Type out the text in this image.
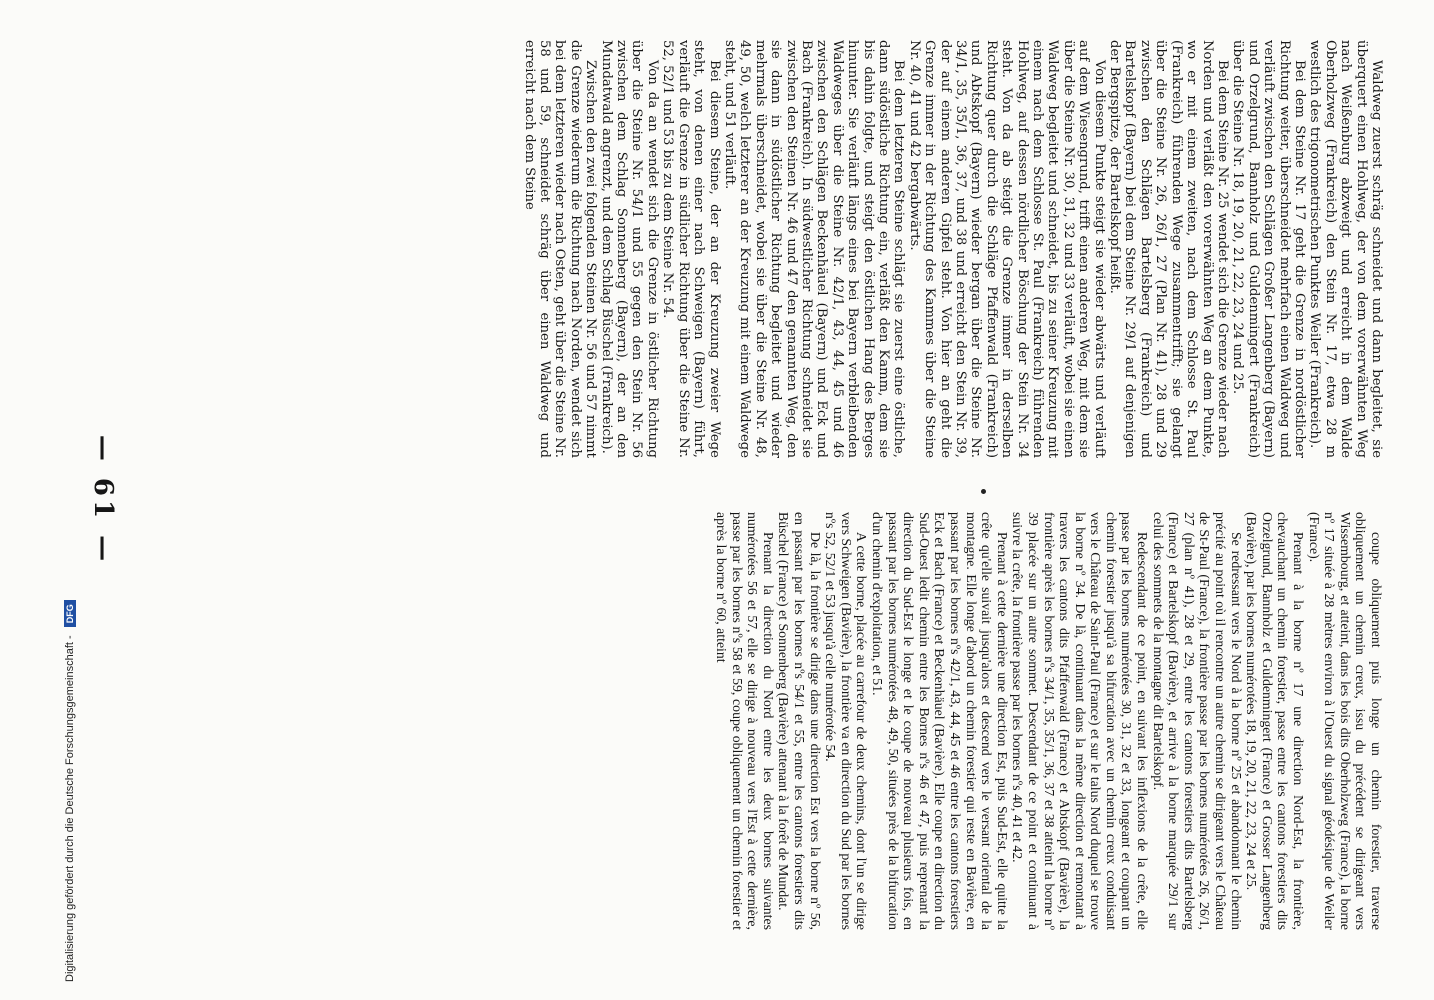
— 61 —

Waldweg zuerst schräg schneidet und dann begleitet, sie überquert einen Hohlweg, der von dem vorerwähnten Weg nach Weißenburg abzweigt und erreicht in dem Walde Oberholzweg (Frankreich) den Stein Nr. 17, etwa 28 m westlich des trigonometrischen Punktes Weiler (Frankreich).

Bei dem Steine Nr. 17 geht die Grenze in nordöstlicher Richtung weiter, überschneidet mehrfach einen Waldweg und verläuft zwischen den Schlägen Großer Langenberg (Bayern) und Orzelgrund, Bannholz und Guldenmingert (Frankreich) über die Steine Nr. 18, 19, 20, 21, 22, 23, 24 und 25.

Bei dem Steine Nr. 25 wendet sich die Grenze wieder nach Norden und verläßt den vorerwähnten Weg an dem Punkte, wo er mit einem zweiten, nach dem Schlosse St. Paul (Frankreich) führenden Wege zusammentrifft; sie gelangt über die Steine Nr. 26, 26/1, 27 (Plan Nr. 41), 28 und 29 zwischen den Schlägen Bartelsberg (Frankreich) und Bartelskopf (Bayern) bei dem Steine Nr. 29/1 auf denjenigen der Bergspitze, der Bartelskopf heißt.

Von diesem Punkte steigt sie wieder abwärts und verläuft auf dem Wiesengrund, trifft einen anderen Weg, mit dem sie über die Steine Nr. 30, 31, 32 und 33 verläuft, wobei sie einen Waldweg begleitet und schneidet, bis zu seiner Kreuzung mit einem nach dem Schlosse St. Paul (Frankreich) führenden Hohlweg, auf dessen nördlicher Böschung der Stein Nr. 34 steht. Von da ab steigt die Grenze immer in derselben Richtung quer durch die Schläge Pfaffenwald (Frankreich) und Abtskopf (Bayern) wieder bergan über die Steine Nr. 34/1, 35, 35/1, 36, 37, und 38 und erreicht den Stein Nr. 39, der auf einem anderen Gipfel steht. Von hier an geht die Grenze immer in der Richtung des Kammes über die Steine Nr. 40, 41 und 42 bergabwärts.

Bei dem letzteren Steine schlägt sie zuerst eine östliche, dann südöstliche Richtung ein, verläßt den Kamm, dem sie bis dahin folgte, und steigt den östlichen Hang des Berges hinunter. Sie verläuft längs eines bei Bayern verbleibenden Waldweges über die Steine Nr. 42/1, 43, 44, 45 und 46 zwischen den Schlägen Beckenhäuel (Bayern) und Eck und Bach (Frankreich). In südwestlicher Richtung schneidet sie zwischen den Steinen Nr. 46 und 47 den genannten Weg, den sie dann in südöstlicher Richtung begleitet und wieder mehrmals überschneidet, wobei sie über die Steine Nr. 48, 49, 50, welch letzterer an der Kreuzung mit einem Waldwege steht, und 51 verläuft.

Bei diesem Steine, der an der Kreuzung zweier Wege steht, von denen einer nach Schweigen (Bayern) führt, verläuft die Grenze in südlicher Richtung über die Steine Nr. 52, 52/1 und 53 bis zu dem Steine Nr. 54.

Von da an wendet sich die Grenze in östlicher Richtung über die Steine Nr. 54/1 und 55 gegen den Stein Nr. 56 zwischen dem Schlag Sonnenberg (Bayern), der an den Mundatwald angrenzt, und dem Schlag Büschel (Frankreich).

Zwischen den zwei folgenden Steinen Nr. 56 und 57 nimmt die Grenze wiederum die Richtung nach Norden, wendet sich bei dem letzteren wieder nach Osten, geht über die Steine Nr. 58 und 59, schneidet schräg über einen Waldweg und erreicht nach dem Steine

coupe obliquement puis longe un chemin forestier, traverse obliquement un chemin creux, issu du précédent se dirigeant vers Wissembourg, et atteint, dans les bois dits Oberholzweg (France), la borne nº 17 située à 28 mètres environ à l'Ouest du signal géodésique de Weiler (France).

Prenant à la borne nº 17 une direction Nord-Est, la frontière, chevauchant un chemin forestier, passe entre les cantons forestiers dits Orzelgrund, Bannholz et Guldenmingert (France) et Grosser Langenberg (Bavière), par les bornes numérotées 18, 19, 20, 21, 22, 23, 24 et 25.

Se redressant vers le Nord à la borne nº 25 et abandonnant le chemin précité au point où il rencontre un autre chemin se dirigeant vers le Château de St-Paul (France), la frontière passe par les bornes numérotées 26, 26/1, 27 (plan nº 41), 28 et 29, entre les cantons forestiers dits Bartelsberg (France) et Bartelskopf (Bavière), et arrive à la borne marquée 29/1 sur celui des sommets de la montagne dit Bartelskopf.

Redescendant de ce point, en suivant les inflexions de la crête, elle passe par les bornes numérotées 30, 31, 32 et 33, longeant et coupant un chemin forestier jusqu'à sa bifurcation avec un chemin creux conduisant vers le Château de Saint-Paul (France) et sur le talus Nord duquel se trouve la borne nº 34. De là, continuant dans la même direction et remontant à travers les cantons dits Pfaffenwald (France) et Abtskopf (Bavière), la frontière après les bornes nºs 34/1, 35, 35/1, 36, 37 et 38 atteint la borne nº 39 placée sur un autre sommet. Descendant de ce point et continuant à suivre la crête, la frontière passe par les bornes nºs 40, 41 et 42.

Prenant à cette dernière une direction Est, puis Sud-Est, elle quitte la crête qu'elle suivait jusqu'alors et descend vers le versant oriental de la montagne. Elle longe d'abord un chemin forestier qui reste en Bavière, en passant par les bornes nºs 42/1, 43, 44, 45 et 46 entre les cantons forestiers Eck et Bach (France) et Beckenhäuel (Bavière). Elle coupe en direction du Sud-Ouest ledit chemin entre les Bornes nºs 46 et 47, puis reprenant la direction du Sud-Est le longe et le coupe de nouveau plusieurs fois, en passant par les bornes numérotées 48, 49, 50, situées près de la bifurcation d'un chemin d'exploitation, et 51.

A cette borne, placée au carrefour de deux chemins, dont l'un se dirige vers Schweigen (Bavière), la frontière va en direction du Sud par les bornes nºs 52, 52/1 et 53 jusqu'à celle numérotée 54.

De là, la frontière se dirige dans une direction Est vers la borne nº 56, en passant par les bornes nºs 54/1 et 55, entre les cantons forestiers dits Büschel (France) et Sonnenberg (Bavière) attenant à la forêt de Mundat.

Prenant la direction du Nord entre les deux bornes suivantes numérotées 56 et 57, elle se dirige à nouveau vers l'Est à cette dernière, passe par les bornes nºs 58 et 59, coupe obliquement un chemin forestier et après la borne nº 60, atteint

Digitalisierung gefördert durch die Deutsche Forschungsgemeinschaft - DFG
